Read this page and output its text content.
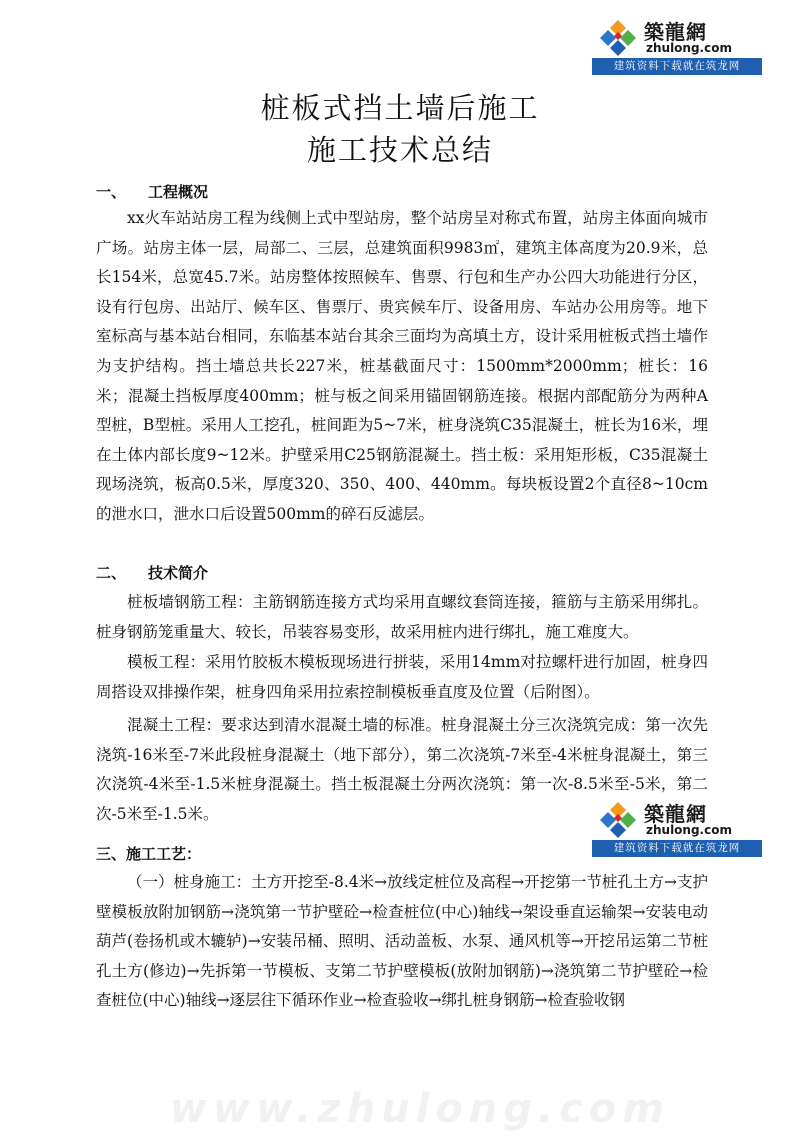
築龍網
zhulong.com
建筑资料下载就在筑龙网
桩板式挡土墙后施工
施工技术总结
一、 工程概况

xx火车站站房工程为线侧上式中型站房，整个站房呈对称式布置，站房主体面向城市广场。站房主体一层，局部二、三层，总建筑面积9983㎡，建筑主体高度为20.9米，总长154米，总宽45.7米。站房整体按照候车、售票、行包和生产办公四大功能进行分区，设有行包房、出站厅、候车区、售票厅、贵宾候车厅、设备用房、车站办公用房等。地下室标高与基本站台相同，东临基本站台其余三面均为高填土方，设计采用桩板式挡土墙作为支护结构。挡土墙总共长227米，桩基截面尺寸：1500mm*2000mm；桩长：16米；混凝土挡板厚度400mm；桩与板之间采用锚固钢筋连接。根据内部配筋分为两种A型桩，B型桩。采用人工挖孔，桩间距为5~7米，桩身浇筑C35混凝土，桩长为16米，埋在土体内部长度9~12米。护壁采用C25钢筋混凝土。挡土板：采用矩形板，C35混凝土现场浇筑，板高0.5米，厚度320、350、400、440mm。每块板设置2个直径8~10cm的泄水口，泄水口后设置500mm的碎石反滤层。

二、 技术简介

桩板墙钢筋工程：主筋钢筋连接方式均采用直螺纹套筒连接，箍筋与主筋采用绑扎。桩身钢筋笼重量大、较长，吊装容易变形，故采用桩内进行绑扎，施工难度大。

模板工程：采用竹胶板木模板现场进行拼装，采用14mm对拉螺杆进行加固，桩身四周搭设双排操作架，桩身四角采用拉索控制模板垂直度及位置（后附图）。

混凝土工程：要求达到清水混凝土墙的标准。桩身混凝土分三次浇筑完成：第一次先浇筑-16米至-7米此段桩身混凝土（地下部分），第二次浇筑-7米至-4米桩身混凝土，第三次浇筑-4米至-1.5米桩身混凝土。挡土板混凝土分两次浇筑：第一次-8.5米至-5米，第二次-5米至-1.5米。

三、施工工艺：

（一）桩身施工：土方开挖至-8.4米→放线定桩位及高程→开挖第一节桩孔土方→支护壁模板放附加钢筋→浇筑第一节护壁砼→检查桩位(中心)轴线→架设垂直运输架→安装电动葫芦(卷扬机或木辘轳)→安装吊桶、照明、活动盖板、水泵、通风机等→开挖吊运第二节桩孔土方(修边)→先拆第一节模板、支第二节护壁模板(放附加钢筋)→浇筑第二节护壁砼→检查桩位(中心)轴线→逐层往下循环作业→检查验收→绑扎桩身钢筋→检查验收钢

築龍網
zhulong.com
建筑资料下载就在筑龙网
www.zhulong.com
